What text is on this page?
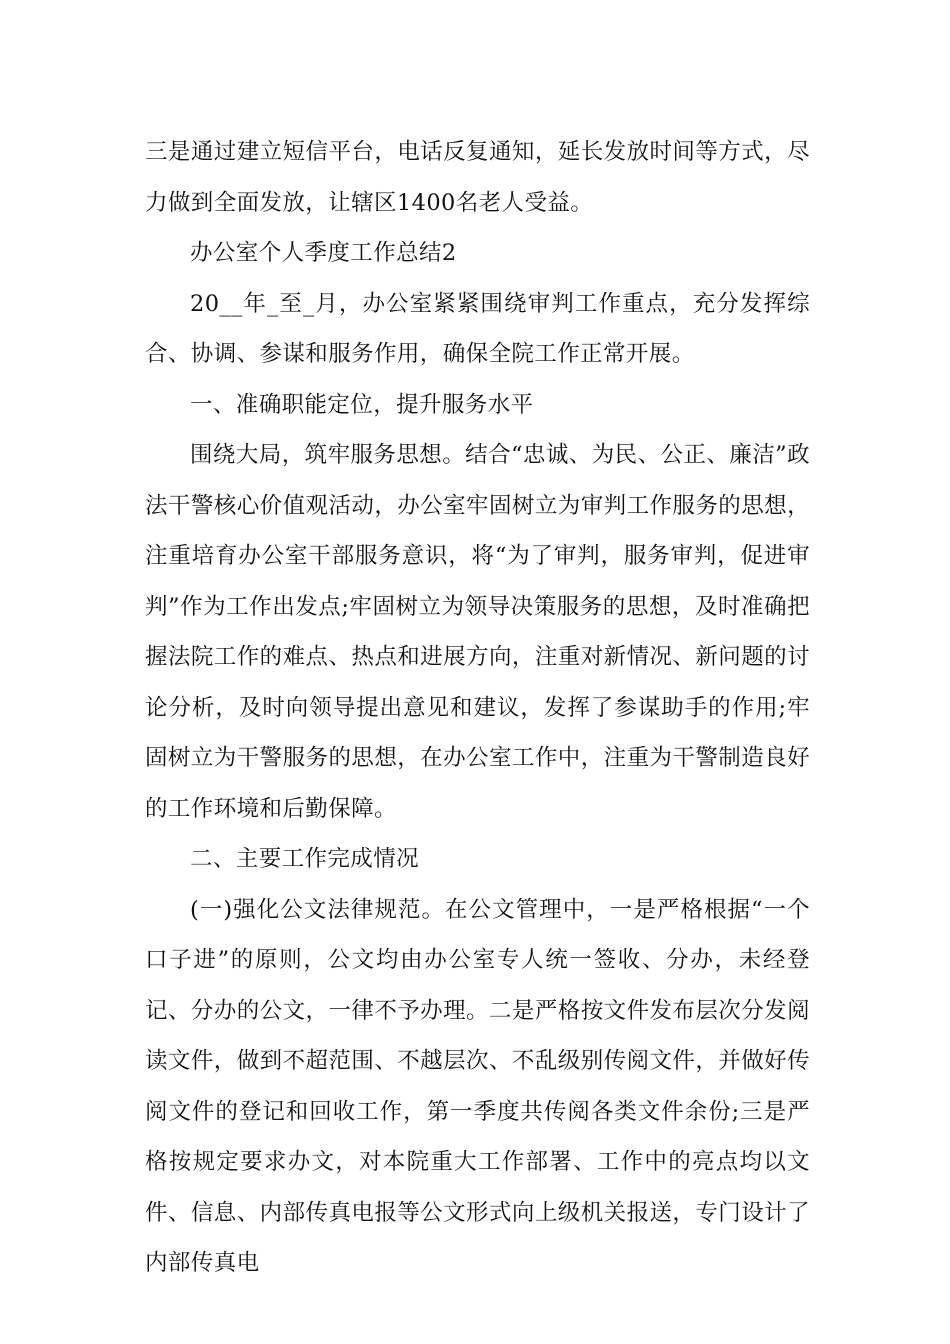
三是通过建立短信平台，电话反复通知，延长发放时间等方式，尽力做到全面发放，让辖区1400名老人受益。

办公室个人季度工作总结2

20__年_至_月，办公室紧紧围绕审判工作重点，充分发挥综合、协调、参谋和服务作用，确保全院工作正常开展。

一、准确职能定位，提升服务水平

围绕大局，筑牢服务思想。结合“忠诚、为民、公正、廉洁”政法干警核心价值观活动，办公室牢固树立为审判工作服务的思想，注重培育办公室干部服务意识，将“为了审判，服务审判，促进审判”作为工作出发点;牢固树立为领导决策服务的思想，及时准确把握法院工作的难点、热点和进展方向，注重对新情况、新问题的讨论分析，及时向领导提出意见和建议，发挥了参谋助手的作用;牢固树立为干警服务的思想，在办公室工作中，注重为干警制造良好的工作环境和后勤保障。

二、主要工作完成情况

(一)强化公文法律规范。在公文管理中，一是严格根据“一个口子进”的原则，公文均由办公室专人统一签收、分办，未经登记、分办的公文，一律不予办理。二是严格按文件发布层次分发阅读文件，做到不超范围、不越层次、不乱级别传阅文件，并做好传阅文件的登记和回收工作，第一季度共传阅各类文件余份;三是严格按规定要求办文，对本院重大工作部署、工作中的亮点均以文件、信息、内部传真电报等公文形式向上级机关报送，专门设计了内部传真电
